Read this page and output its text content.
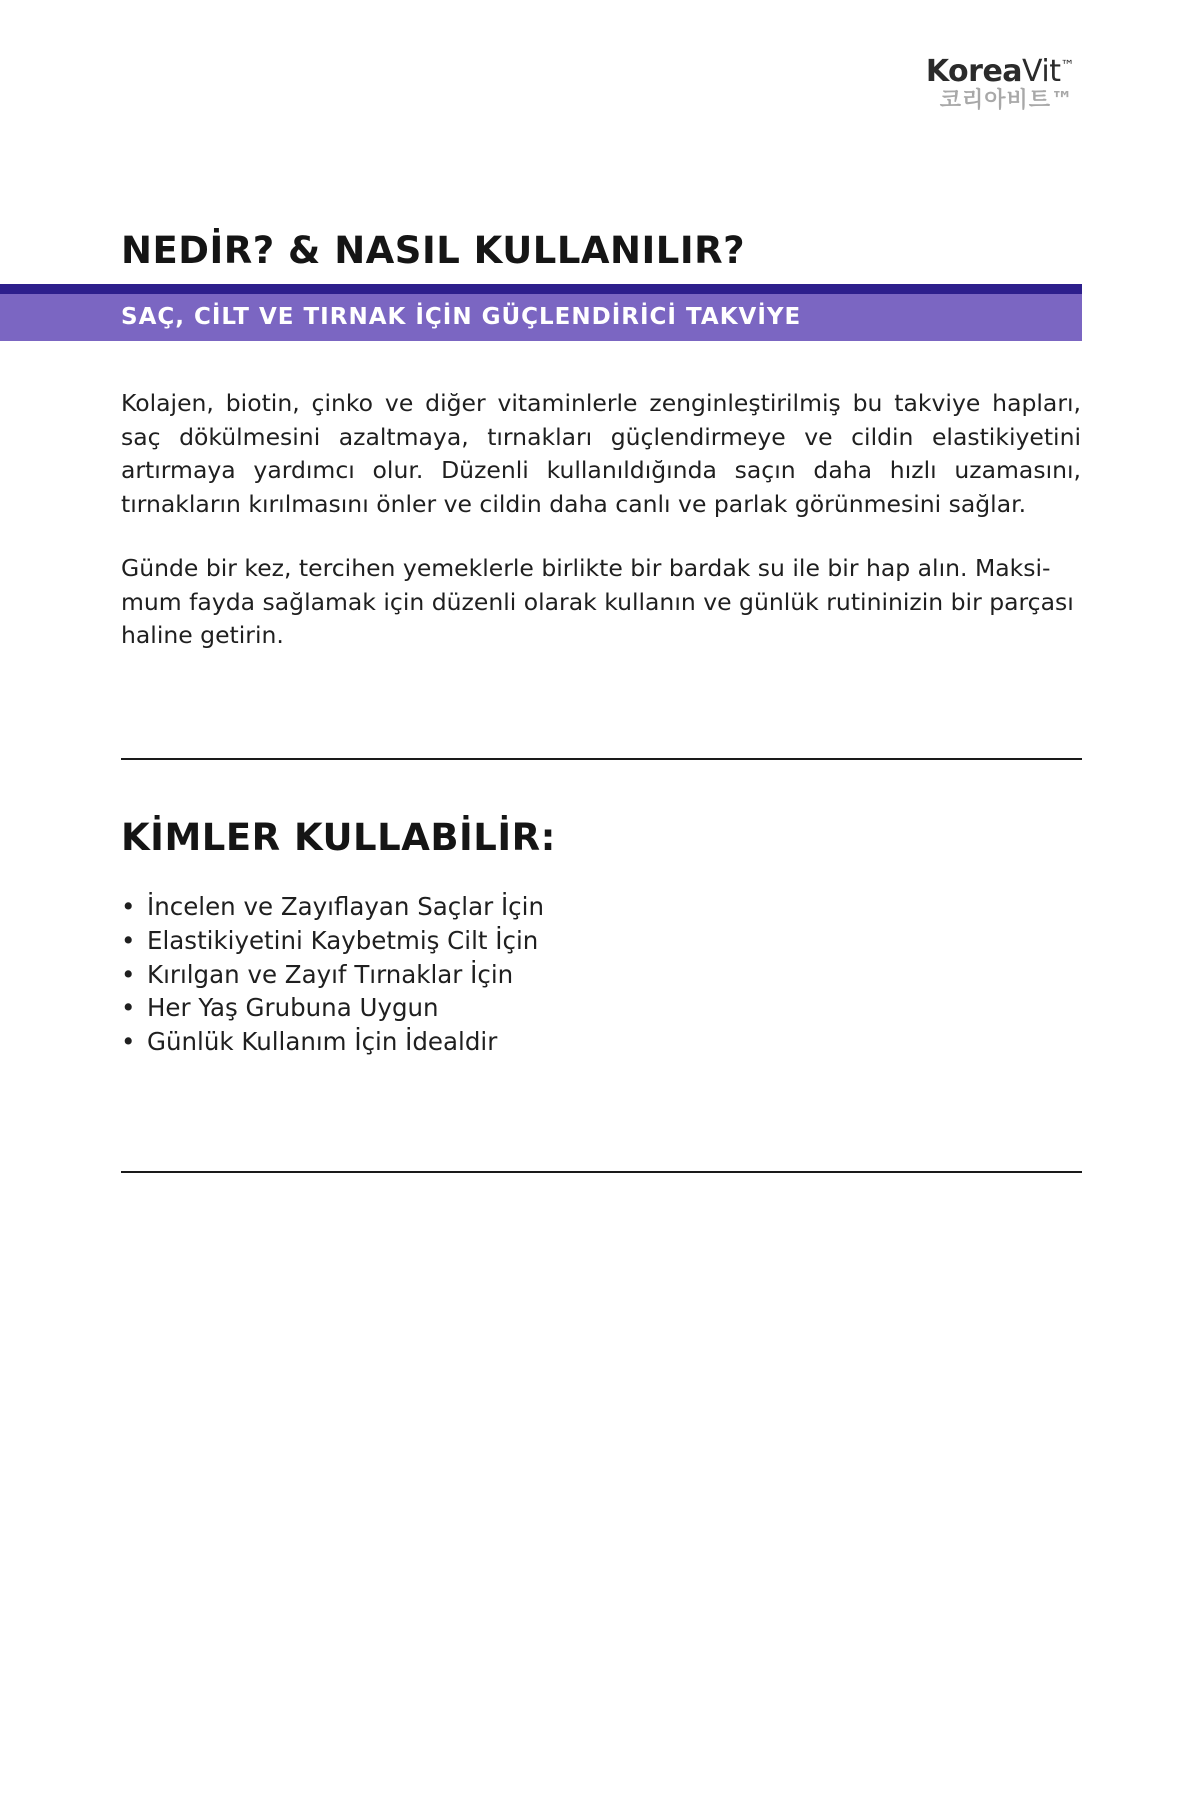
KoreaVit™
코리아비트™
NEDİR? & NASIL KULLANILIR?
SAÇ, CİLT VE TIRNAK İÇİN GÜÇLENDİRİCİ TAKVİYE

Kolajen, biotin, çinko ve diğer vitaminlerle zenginleştirilmiş bu takviye hapları, saç dökülmesini azaltmaya, tırnakları güçlendirmeye ve cildin elastikiyetini artırmaya yardımcı olur. Düzenli kullanıldığında saçın daha hızlı uzamasını, tırnakların kırılmasını önler ve cildin daha canlı ve parlak görünmesini sağlar.

Günde bir kez, tercihen yemeklerle birlikte bir bardak su ile bir hap alın. Maksimum fayda sağlamak için düzenli olarak kullanın ve günlük rutininizin bir parçası haline getirin.

KİMLER KULLABİLİR:
• İncelen ve Zayıflayan Saçlar İçin
• Elastikiyetini Kaybetmiş Cilt İçin
• Kırılgan ve Zayıf Tırnaklar İçin
• Her Yaş Grubuna Uygun
• Günlük Kullanım İçin İdealdir
